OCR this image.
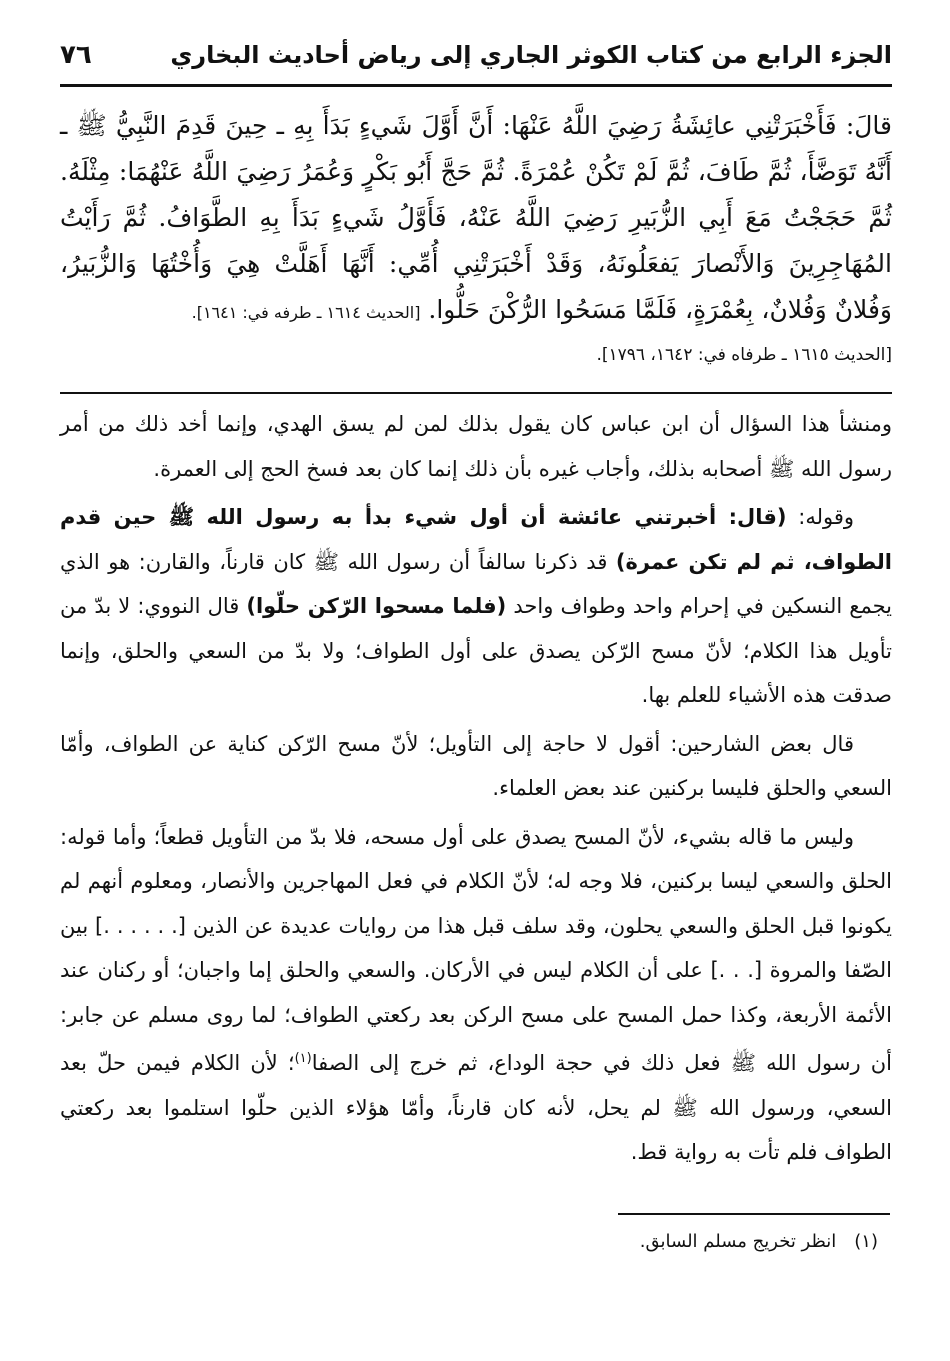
الجزء الرابع من كتاب الكوثر الجاري إلى رياض أحاديث البخاري
٧٦
قالَ: فَأَخْبَرَتْنِي عائِشَةُ رَضِيَ اللَّهُ عَنْهَا: أَنَّ أَوَّلَ شَيءٍ بَدَأَ بِهِ ـ حِينَ قَدِمَ النَّبِيُّ ﷺ ـ أَنَّهُ تَوَضَّأَ، ثُمَّ طَافَ، ثُمَّ لَمْ تَكُنْ عُمْرَةً. ثُمَّ حَجَّ أَبُو بَكْرٍ وَعُمَرُ رَضِيَ اللَّهُ عَنْهُمَا: مِثْلَهُ. ثُمَّ حَجَجْتُ مَعَ أَبِي الزُّبَيرِ رَضِيَ اللَّهُ عَنْهُ، فَأَوَّلُ شَيءٍ بَدَأَ بِهِ الطَّوَافُ. ثُمَّ رَأَيْتُ المُهَاجِرِينَ وَالأَنْصارَ يَفعَلُونَهُ، وَقَدْ أَخْبَرَتْنِي أُمِّي: أَنَّهَا أَهَلَّتْ هِيَ وَأُخْتُهَا وَالزُّبَيرُ، وَفُلانٌ وَفُلانٌ، بِعُمْرَةٍ، فَلَمَّا مَسَحُوا الرُّكْنَ حَلُّوا. [الحديث ١٦١٤ ـ طرفه في: ١٦٤١].
[الحديث ١٦١٥ ـ طرفاه في: ١٦٤٢، ١٧٩٦].

ومنشأ هذا السؤال أن ابن عباس كان يقول بذلك لمن لم يسق الهدي، وإنما أخد ذلك من أمر رسول الله ﷺ أصحابه بذلك، وأجاب غيره بأن ذلك إنما كان بعد فسخ الحج إلى العمرة.

وقوله: (قال: أخبرتني عائشة أن أول شيء بدأ به رسول الله ﷺ حين قدم الطواف، ثم لم تكن عمرة) قد ذكرنا سالفاً أن رسول الله ﷺ كان قارناً، والقارن: هو الذي يجمع النسكين في إحرام واحد وطواف واحد (فلما مسحوا الرّكن حلّوا) قال النووي: لا بدّ من تأويل هذا الكلام؛ لأنّ مسح الرّكن يصدق على أول الطواف؛ ولا بدّ من السعي والحلق، وإنما صدقت هذه الأشياء للعلم بها.

قال بعض الشارحين: أقول لا حاجة إلى التأويل؛ لأنّ مسح الرّكن كناية عن الطواف، وأمّا السعي والحلق فليسا بركنين عند بعض العلماء.

وليس ما قاله بشيء، لأنّ المسح يصدق على أول مسحه، فلا بدّ من التأويل قطعاً؛ وأما قوله: الحلق والسعي ليسا بركنين، فلا وجه له؛ لأنّ الكلام في فعل المهاجرين والأنصار، ومعلوم أنهم لم يكونوا قبل الحلق والسعي يحلون، وقد سلف قبل هذا من روايات عديدة عن الذين [. . . . . .] بين الصّفا والمروة [. . .] على أن الكلام ليس في الأركان. والسعي والحلق إما واجبان؛ أو ركنان عند الأئمة الأربعة، وكذا حمل المسح على مسح الركن بعد ركعتي الطواف؛ لما روى مسلم عن جابر: أن رسول الله ﷺ فعل ذلك في حجة الوداع، ثم خرج إلى الصفا$^{(١)}$؛ لأن الكلام فيمن حلّ بعد السعي، ورسول الله ﷺ لم يحل، لأنه كان قارناً، وأمّا هؤلاء الذين حلّوا استلموا بعد ركعتي الطواف فلم تأت به رواية قط.

(١)انظر تخريج مسلم السابق.
